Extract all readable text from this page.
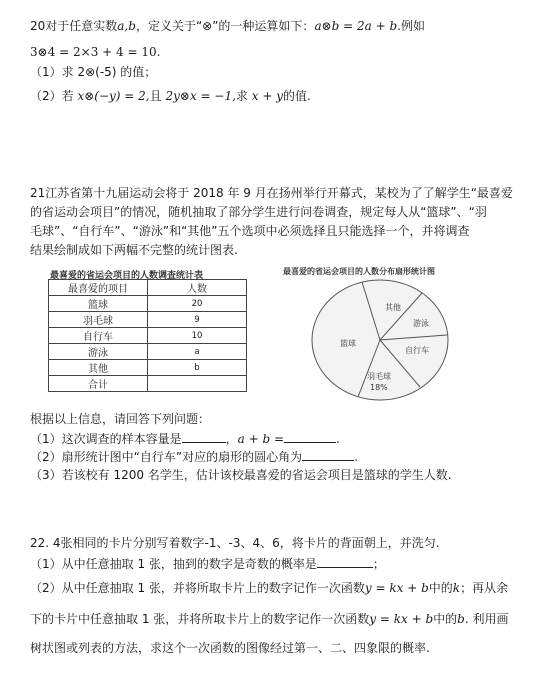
20对于任意实数a,b，定义关于“⊗”的一种运算如下：a⊗b = 2a + b.例如
3⊗4 = 2×3 + 4 = 10.
（1）求 2⊗(-5) 的值；
（2）若 x⊗(−y) = 2,且 2y⊗x = −1,求 x + y的值.
21江苏省第十九届运动会将于 2018 年 9 月在扬州举行开幕式，某校为了了解学生“最喜爱
的省运动会项目”的情况，随机抽取了部分学生进行问卷调查，规定每人从“篮球”、“羽
毛球”、“自行车”、“游泳”和“其他”五个选项中必须选择且只能选择一个，并将调查
结果绘制成如下两幅不完整的统计图表.
最喜爱的省运会项目的人数调查统计表
最喜爱的项目	人数
篮球	20
羽毛球	9
自行车	10
游泳	a
其他	b
合计	
最喜爱的省运会项目的人数分布扇形统计图
篮球
其他
游泳
自行车
羽毛球
18%
根据以上信息，请回答下列问题：
（1）这次调查的样本容量是	，a + b =	.
（2）扇形统计图中“自行车”对应的扇形的圆心角为	.
（3）若该校有 1200 名学生，估计该校最喜爱的省运会项目是篮球的学生人数.
22. 4张相同的卡片分别写着数字-1、-3、4、6，将卡片的背面朝上，并洗匀.
（1）从中任意抽取 1 张，抽到的数字是奇数的概率是	；
（2）从中任意抽取 1 张，并将所取卡片上的数字记作一次函数y = kx + b中的k；再从余
下的卡片中任意抽取 1 张，并将所取卡片上的数字记作一次函数y = kx + b中的b. 利用画
树状图或列表的方法，求这个一次函数的图像经过第一、二、四象限的概率.
